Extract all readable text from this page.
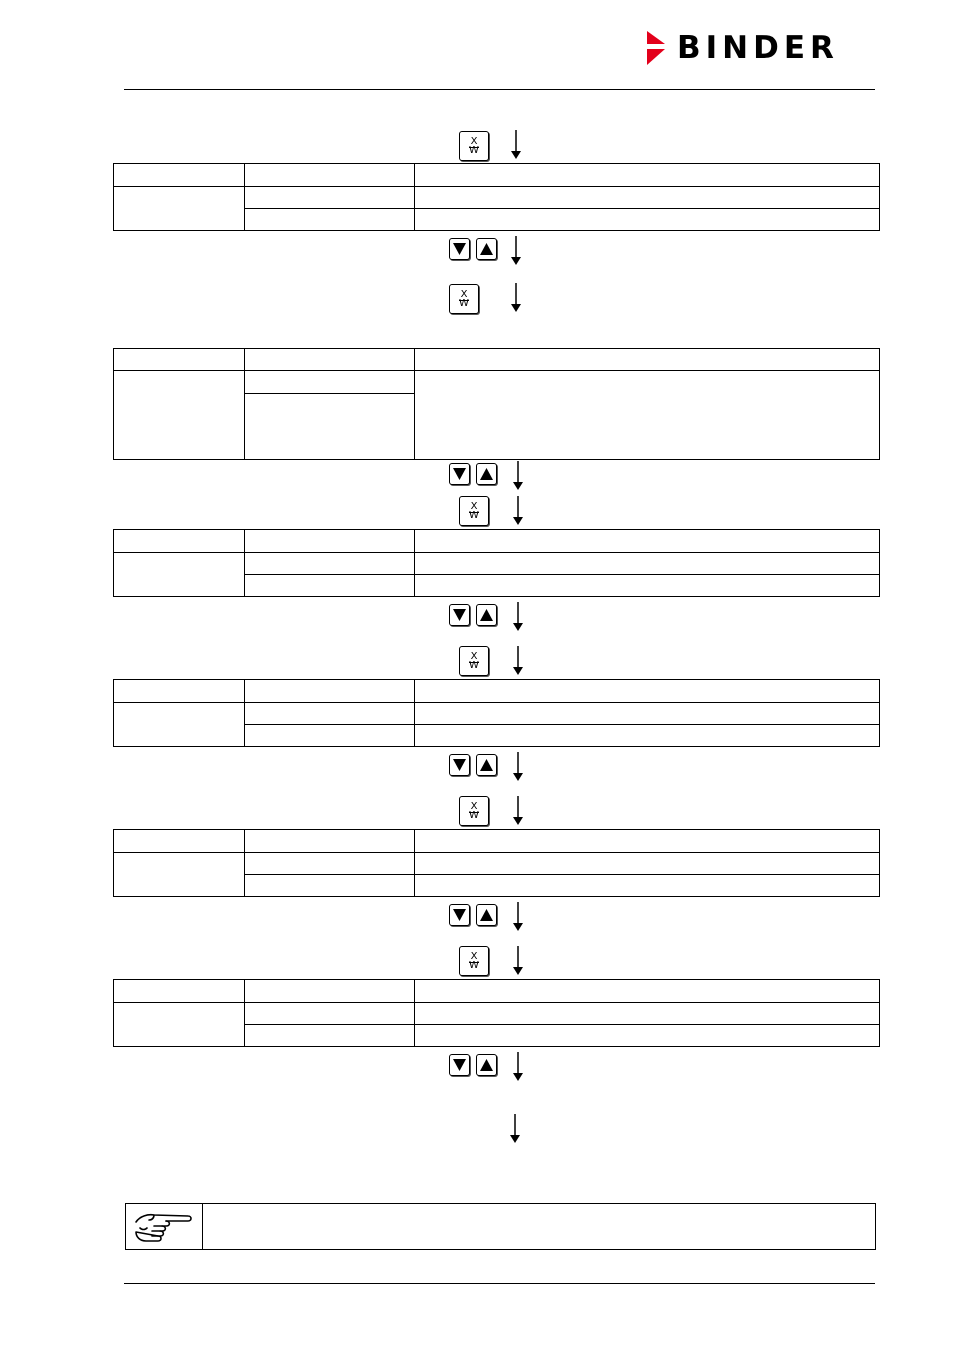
BINDER
X
W

X
W

X
W

X
W

X
W

X
W
